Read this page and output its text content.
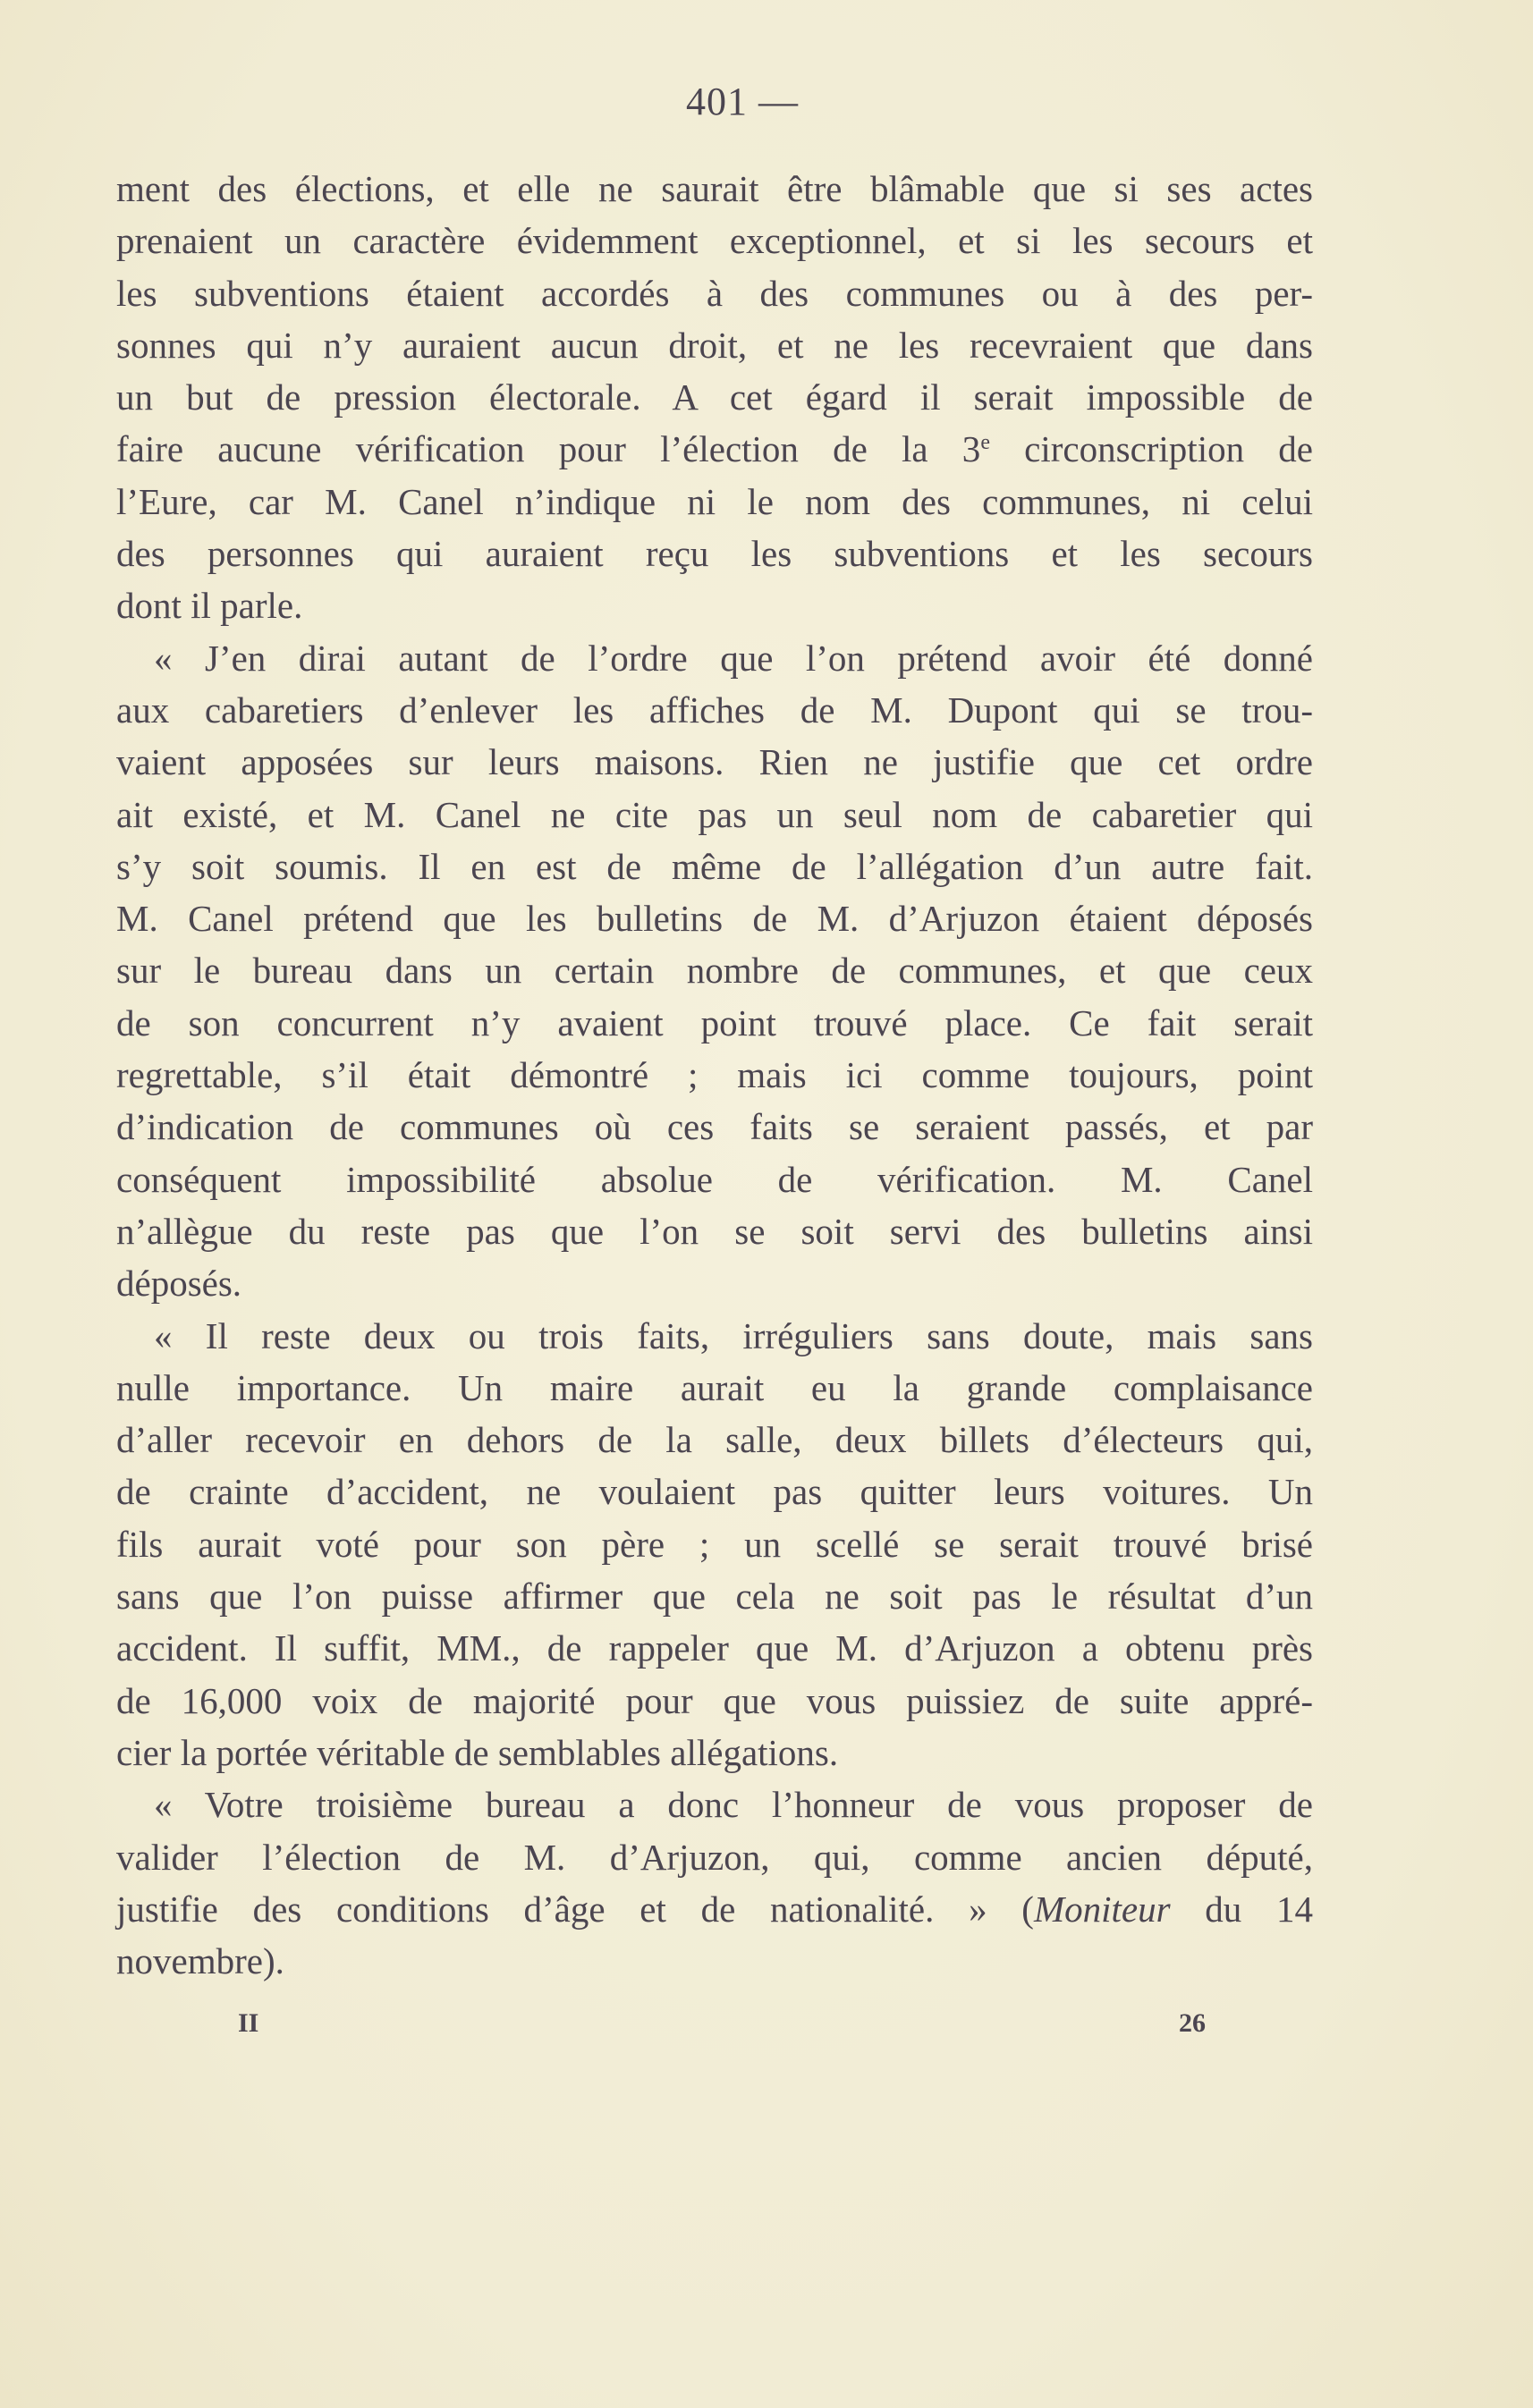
401 —
ment des élections, et elle ne saurait être blâmable que si ses actes
prenaient un caractère évidemment exceptionnel, et si les secours et
les subventions étaient accordés à des communes ou à des per-
sonnes qui n’y auraient aucun droit, et ne les recevraient que dans
un but de pression électorale. A cet égard il serait impossible de
faire aucune vérification pour l’élection de la 3e circonscription de
l’Eure, car M. Canel n’indique ni le nom des communes, ni celui
des personnes qui auraient reçu les subventions et les secours
dont il parle.
« J’en dirai autant de l’ordre que l’on prétend avoir été donné
aux cabaretiers d’enlever les affiches de M. Dupont qui se trou-
vaient apposées sur leurs maisons. Rien ne justifie que cet ordre
ait existé, et M. Canel ne cite pas un seul nom de cabaretier qui
s’y soit soumis. Il en est de même de l’allégation d’un autre fait.
M. Canel prétend que les bulletins de M. d’Arjuzon étaient déposés
sur le bureau dans un certain nombre de communes, et que ceux
de son concurrent n’y avaient point trouvé place. Ce fait serait
regrettable, s’il était démontré ; mais ici comme toujours, point
d’indication de communes où ces faits se seraient passés, et par
conséquent impossibilité absolue de vérification. M. Canel
n’allègue du reste pas que l’on se soit servi des bulletins ainsi
déposés.
« Il reste deux ou trois faits, irréguliers sans doute, mais sans
nulle importance. Un maire aurait eu la grande complaisance
d’aller recevoir en dehors de la salle, deux billets d’électeurs qui,
de crainte d’accident, ne voulaient pas quitter leurs voitures. Un
fils aurait voté pour son père ; un scellé se serait trouvé brisé
sans que l’on puisse affirmer que cela ne soit pas le résultat d’un
accident. Il suffit, MM., de rappeler que M. d’Arjuzon a obtenu près
de 16,000 voix de majorité pour que vous puissiez de suite appré-
cier la portée véritable de semblables allégations.
« Votre troisième bureau a donc l’honneur de vous proposer de
valider l’élection de M. d’Arjuzon, qui, comme ancien député,
justifie des conditions d’âge et de nationalité. » (Moniteur du 14
novembre).
II	26
